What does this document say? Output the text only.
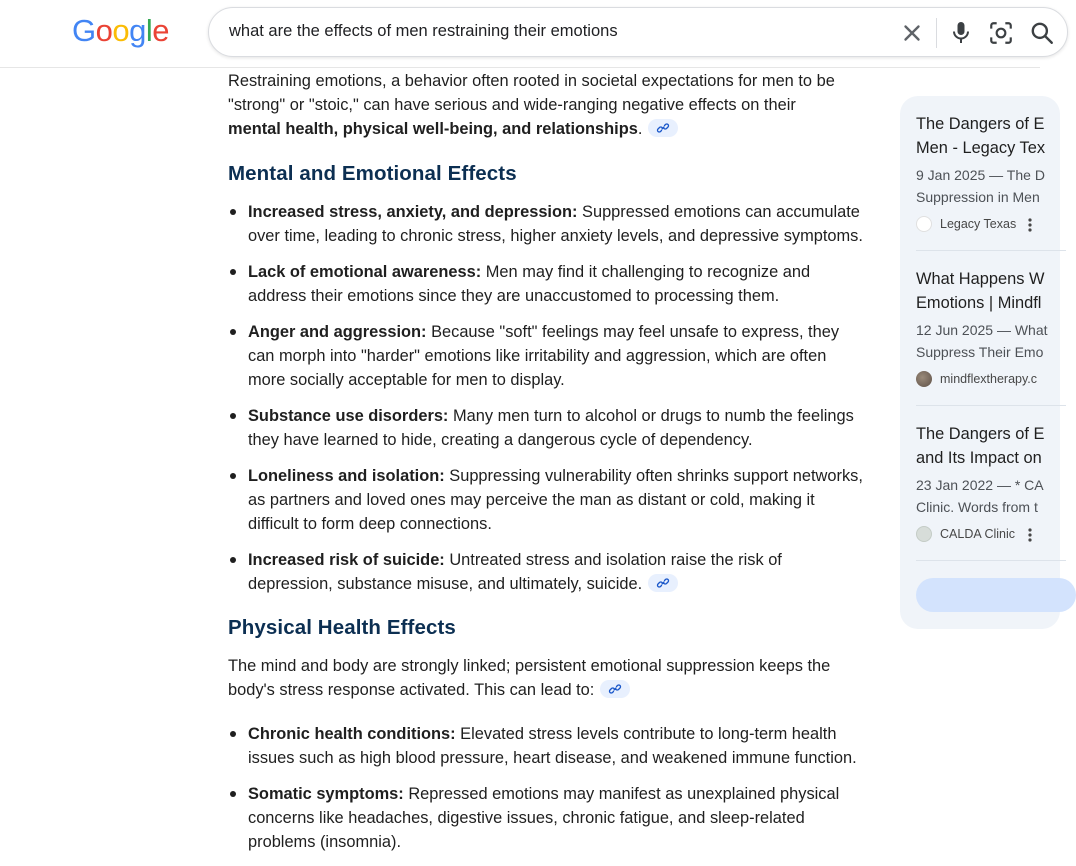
Google	what are the effects of men restraining their emotions

Restraining emotions, a behavior often rooted in societal expectations for men to be "strong" or "stoic," can have serious and wide-ranging negative effects on their mental health, physical well-being, and relationships.

Mental and Emotional Effects
Increased stress, anxiety, and depression: Suppressed emotions can accumulate over time, leading to chronic stress, higher anxiety levels, and depressive symptoms.
Lack of emotional awareness: Men may find it challenging to recognize and address their emotions since they are unaccustomed to processing them.
Anger and aggression: Because "soft" feelings may feel unsafe to express, they can morph into "harder" emotions like irritability and aggression, which are often more socially acceptable for men to display.
Substance use disorders: Many men turn to alcohol or drugs to numb the feelings they have learned to hide, creating a dangerous cycle of dependency.
Loneliness and isolation: Suppressing vulnerability often shrinks support networks, as partners and loved ones may perceive the man as distant or cold, making it difficult to form deep connections.
Increased risk of suicide: Untreated stress and isolation raise the risk of depression, substance misuse, and ultimately, suicide.
Physical Health Effects

The mind and body are strongly linked; persistent emotional suppression keeps the body's stress response activated. This can lead to:

Chronic health conditions: Elevated stress levels contribute to long-term health issues such as high blood pressure, heart disease, and weakened immune function.
Somatic symptoms: Repressed emotions may manifest as unexplained physical concerns like headaches, digestive issues, chronic fatigue, and sleep-related problems (insomnia).
The Dangers of E
Men - Legacy Tex
9 Jan 2025 — The D
Suppression in Men
Legacy Texas
What Happens W
Emotions | Mindfl
12 Jun 2025 — What
Suppress Their Emo
mindflextherapy.c
The Dangers of E
and Its Impact on
23 Jan 2022 — * CA
Clinic. Words from t
CALDA Clinic
